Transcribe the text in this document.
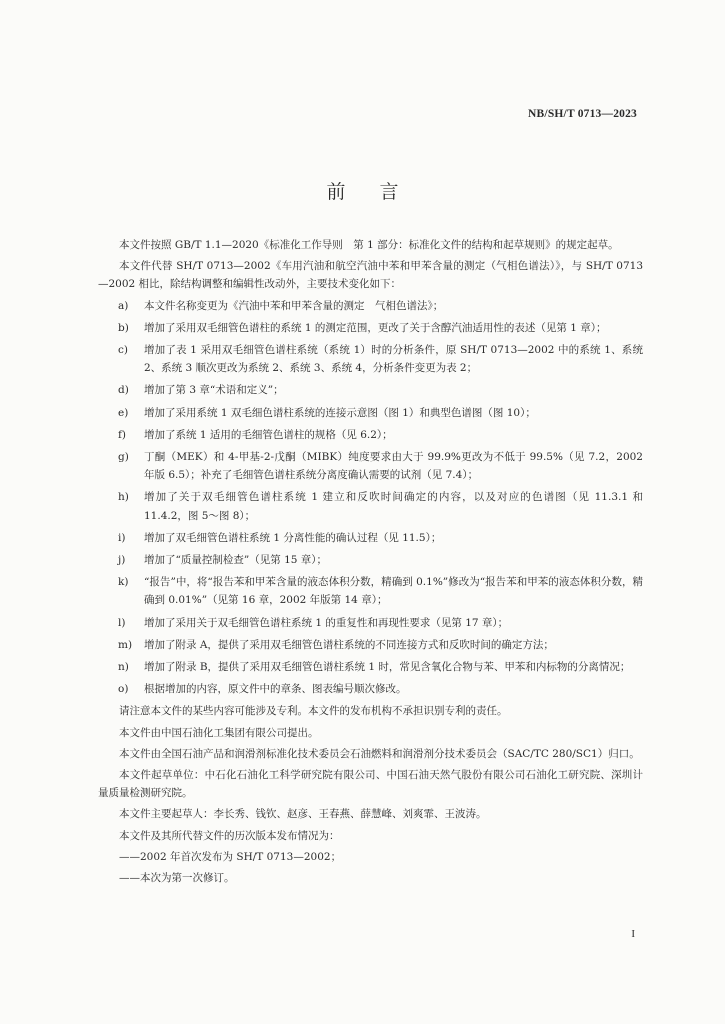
NB/SH/T 0713—2023
前言

本文件按照 GB/T 1.1—2020《标准化工作导则　第 1 部分：标准化文件的结构和起草规则》的规定起草。

本文件代替 SH/T 0713—2002《车用汽油和航空汽油中苯和甲苯含量的测定（气相色谱法）》，与 SH/T 0713—2002 相比，除结构调整和编辑性改动外，主要技术变化如下：

a)	本文件名称变更为《汽油中苯和甲苯含量的测定　气相色谱法》；
b)	增加了采用双毛细管色谱柱的系统 1 的测定范围，更改了关于含醇汽油适用性的表述（见第 1 章）；
c)	增加了表 1 采用双毛细管色谱柱系统（系统 1）时的分析条件，原 SH/T 0713—2002 中的系统 1、系统 2、系统 3 顺次更改为系统 2、系统 3、系统 4，分析条件变更为表 2；
d)	增加了第 3 章“术语和定义”；
e)	增加了采用系统 1 双毛细色谱柱系统的连接示意图（图 1）和典型色谱图（图 10）；
f)	增加了系统 1 适用的毛细管色谱柱的规格（见 6.2）；
g)	丁酮（MEK）和 4-甲基-2-戊酮（MIBK）纯度要求由大于 99.9%更改为不低于 99.5%（见 7.2，2002 年版 6.5）；补充了毛细管色谱柱系统分离度确认需要的试剂（见 7.4）；
h)	增加了关于双毛细管色谱柱系统 1 建立和反吹时间确定的内容，以及对应的色谱图（见 11.3.1 和 11.4.2，图 5～图 8）；
i)	增加了双毛细管色谱柱系统 1 分离性能的确认过程（见 11.5）；
j)	增加了“质量控制检查”（见第 15 章）；
k)	“报告”中，将“报告苯和甲苯含量的液态体积分数，精确到 0.1%”修改为“报告苯和甲苯的液态体积分数，精确到 0.01%”（见第 16 章，2002 年版第 14 章）；
l)	增加了采用关于双毛细管色谱柱系统 1 的重复性和再现性要求（见第 17 章）；
m)	增加了附录 A，提供了采用双毛细管色谱柱系统的不同连接方式和反吹时间的确定方法；
n)	增加了附录 B，提供了采用双毛细管色谱柱系统 1 时，常见含氧化合物与苯、甲苯和内标物的分离情况；
o)	根据增加的内容，原文件中的章条、图表编号顺次修改。

请注意本文件的某些内容可能涉及专利。本文件的发布机构不承担识别专利的责任。

本文件由中国石油化工集团有限公司提出。

本文件由全国石油产品和润滑剂标准化技术委员会石油燃料和润滑剂分技术委员会（SAC/TC 280/SC1）归口。

本文件起草单位：中石化石油化工科学研究院有限公司、中国石油天然气股份有限公司石油化工研究院、深圳计量质量检测研究院。

本文件主要起草人：李长秀、钱钦、赵彦、王春燕、薛慧峰、刘爽霏、王波涛。

本文件及其所代替文件的历次版本发布情况为：

——2002 年首次发布为 SH/T 0713—2002；

——本次为第一次修订。

I
